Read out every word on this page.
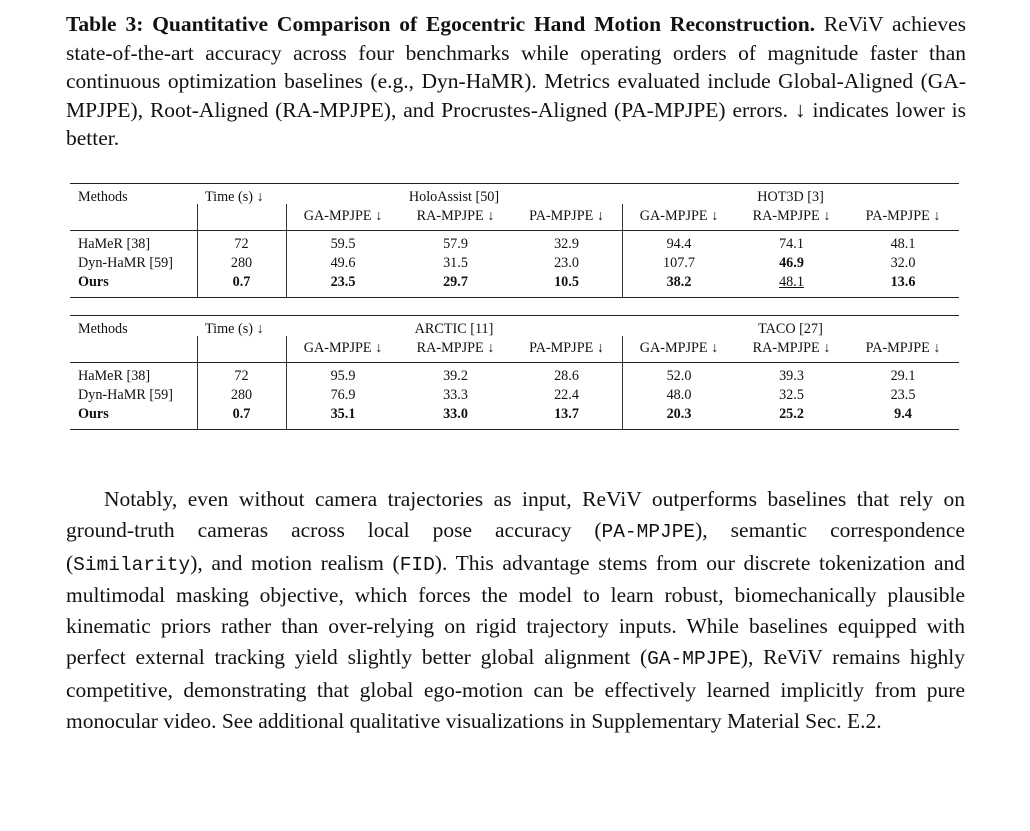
Table 3: Quantitative Comparison of Egocentric Hand Motion Reconstruction. ReViV achieves state-of-the-art accuracy across four benchmarks while operating orders of magnitude faster than continuous optimization baselines (e.g., Dyn-HaMR). Metrics evaluated include Global-Aligned (GA-MPJPE), Root-Aligned (RA-MPJPE), and Procrustes-Aligned (PA-MPJPE) errors. ↓ indicates lower is better.
Methods	Time (s) ↓	HoloAssist [50]	HOT3D [3]
GA-MPJPE ↓	RA-MPJPE ↓	PA-MPJPE ↓	GA-MPJPE ↓	RA-MPJPE ↓	PA-MPJPE ↓
HaMeR [38]	72	59.5	57.9	32.9	94.4	74.1	48.1
Dyn-HaMR [59]	280	49.6	31.5	23.0	107.7	46.9	32.0
Ours	0.7	23.5	29.7	10.5	38.2	48.1	13.6
Methods	Time (s) ↓	ARCTIC [11]	TACO [27]
GA-MPJPE ↓	RA-MPJPE ↓	PA-MPJPE ↓	GA-MPJPE ↓	RA-MPJPE ↓	PA-MPJPE ↓
HaMeR [38]	72	95.9	39.2	28.6	52.0	39.3	29.1
Dyn-HaMR [59]	280	76.9	33.3	22.4	48.0	32.5	23.5
Ours	0.7	35.1	33.0	13.7	20.3	25.2	9.4
Notably, even without camera trajectories as input, ReViV outperforms baselines that rely on ground-truth cameras across local pose accuracy (PA-MPJPE), semantic correspondence (Similarity), and motion realism (FID). This advantage stems from our discrete tokenization and multimodal masking objective, which forces the model to learn robust, biomechanically plausible kinematic priors rather than over-relying on rigid trajectory inputs. While baselines equipped with perfect external tracking yield slightly better global alignment (GA-MPJPE), ReViV remains highly competitive, demonstrating that global ego-motion can be effectively learned implicitly from pure monocular video. See additional qualitative visualizations in Supplementary Material Sec. E.2.
